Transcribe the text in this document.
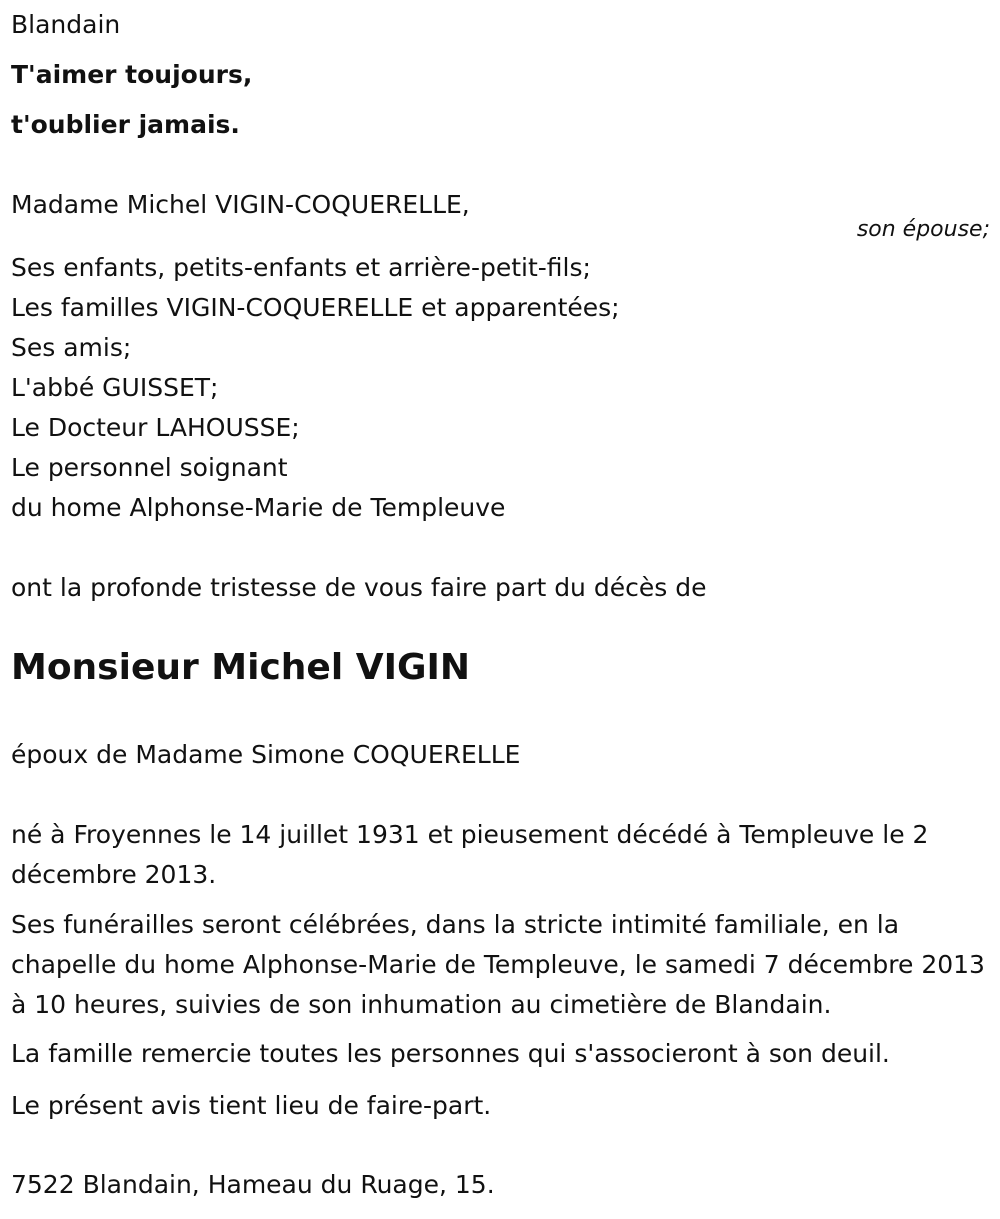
Blandain
T'aimer toujours,
t'oublier jamais.
Madame Michel VIGIN-COQUERELLE,
son épouse;
Ses enfants, petits-enfants et arrière-petit-fils;
Les familles VIGIN-COQUERELLE et apparentées;
Ses amis;
L'abbé GUISSET;
Le Docteur LAHOUSSE;
Le personnel soignant
du home Alphonse-Marie de Templeuve
ont la profonde tristesse de vous faire part du décès de
Monsieur Michel VIGIN
époux de Madame Simone COQUERELLE
né à Froyennes le 14 juillet 1931 et pieusement décédé à Templeuve le 2 décembre 2013.
Ses funérailles seront célébrées, dans la stricte intimité familiale, en la chapelle du home Alphonse-Marie de Templeuve, le samedi 7 décembre 2013 à 10 heures, suivies de son inhumation au cimetière de Blandain.
La famille remercie toutes les personnes qui s'associeront à son deuil.
Le présent avis tient lieu de faire-part.
7522 Blandain, Hameau du Ruage, 15.
